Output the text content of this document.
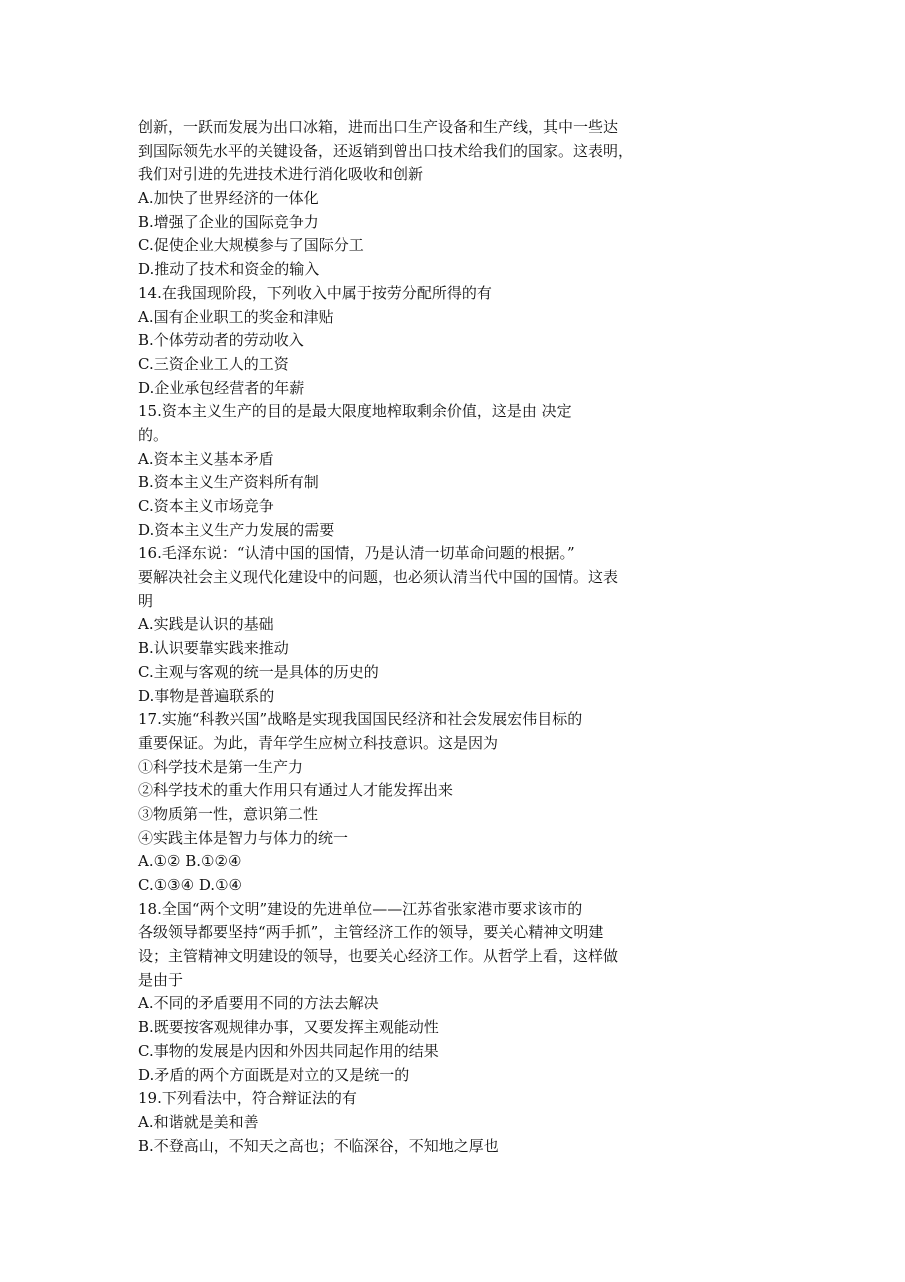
创新，一跃而发展为出口冰箱，进而出口生产设备和生产线，其中一些达
到国际领先水平的关键设备，还返销到曾出口技术给我们的国家。这表明，
我们对引进的先进技术进行消化吸收和创新
A.加快了世界经济的一体化
B.增强了企业的国际竞争力
C.促使企业大规模参与了国际分工
D.推动了技术和资金的输入
14.在我国现阶段，下列收入中属于按劳分配所得的有
A.国有企业职工的奖金和津贴
B.个体劳动者的劳动收入
C.三资企业工人的工资
D.企业承包经营者的年薪
15.资本主义生产的目的是最大限度地榨取剩余价值，这是由 决定
的。
A.资本主义基本矛盾
B.资本主义生产资料所有制
C.资本主义市场竞争
D.资本主义生产力发展的需要
16.毛泽东说：“认清中国的国情，乃是认清一切革命问题的根据。”
要解决社会主义现代化建设中的问题，也必须认清当代中国的国情。这表
明
A.实践是认识的基础
B.认识要靠实践来推动
C.主观与客观的统一是具体的历史的
D.事物是普遍联系的
17.实施“科教兴国”战略是实现我国国民经济和社会发展宏伟目标的
重要保证。为此，青年学生应树立科技意识。这是因为
①科学技术是第一生产力
②科学技术的重大作用只有通过人才能发挥出来
③物质第一性，意识第二性
④实践主体是智力与体力的统一
A.①② B.①②④
C.①③④ D.①④
18.全国“两个文明”建设的先进单位——江苏省张家港市要求该市的
各级领导都要坚持“两手抓”，主管经济工作的领导，要关心精神文明建
设；主管精神文明建设的领导，也要关心经济工作。从哲学上看，这样做
是由于
A.不同的矛盾要用不同的方法去解决
B.既要按客观规律办事，又要发挥主观能动性
C.事物的发展是内因和外因共同起作用的结果
D.矛盾的两个方面既是对立的又是统一的
19.下列看法中，符合辩证法的有
A.和谐就是美和善
B.不登高山，不知天之高也；不临深谷，不知地之厚也
